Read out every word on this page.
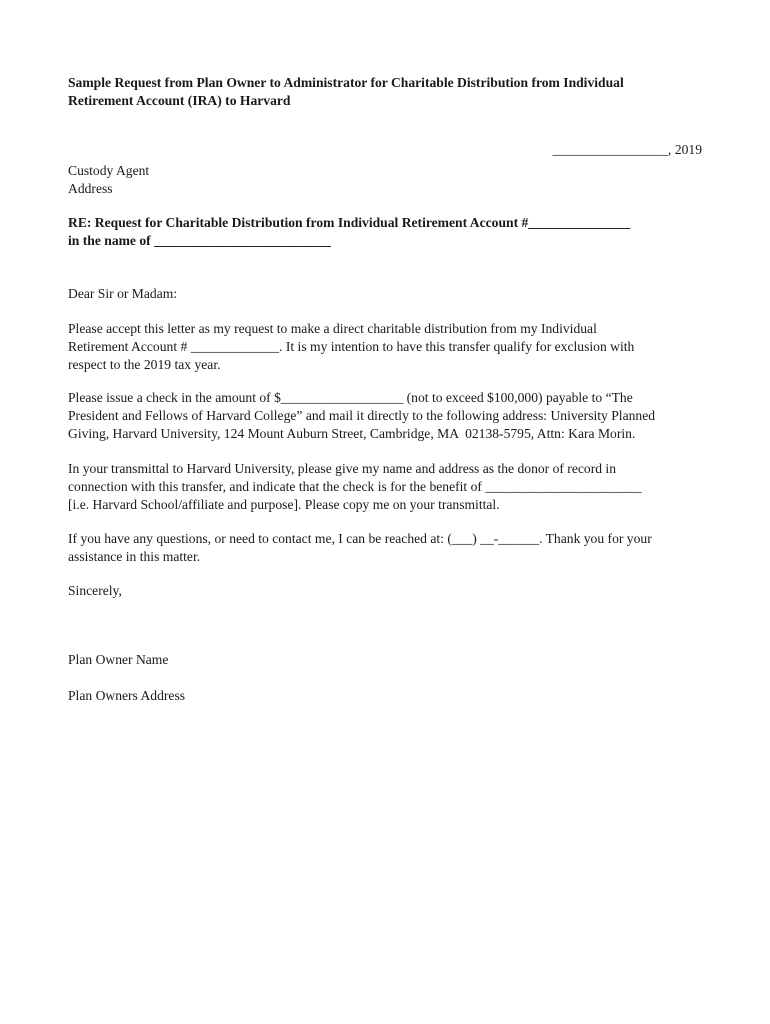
Sample Request from Plan Owner to Administrator for Charitable Distribution from Individual

Retirement Account (IRA) to Harvard

_________________, 2019

Custody Agent

Address

RE: Request for Charitable Distribution from Individual Retirement Account #_______________

in the name of __________________________

Dear Sir or Madam:

Please accept this letter as my request to make a direct charitable distribution from my Individual

Retirement Account # _____________. It is my intention to have this transfer qualify for exclusion with

respect to the 2019 tax year.

Please issue a check in the amount of $__________________ (not to exceed $100,000) payable to “The

President and Fellows of Harvard College” and mail it directly to the following address: University Planned

Giving, Harvard University, 124 Mount Auburn Street, Cambridge, MA  02138-5795, Attn: Kara Morin.

In your transmittal to Harvard University, please give my name and address as the donor of record in

connection with this transfer, and indicate that the check is for the benefit of _______________________

[i.e. Harvard School/affiliate and purpose]. Please copy me on your transmittal.

If you have any questions, or need to contact me, I can be reached at: (___) __-______. Thank you for your

assistance in this matter.

Sincerely,

Plan Owner Name

Plan Owners Address
